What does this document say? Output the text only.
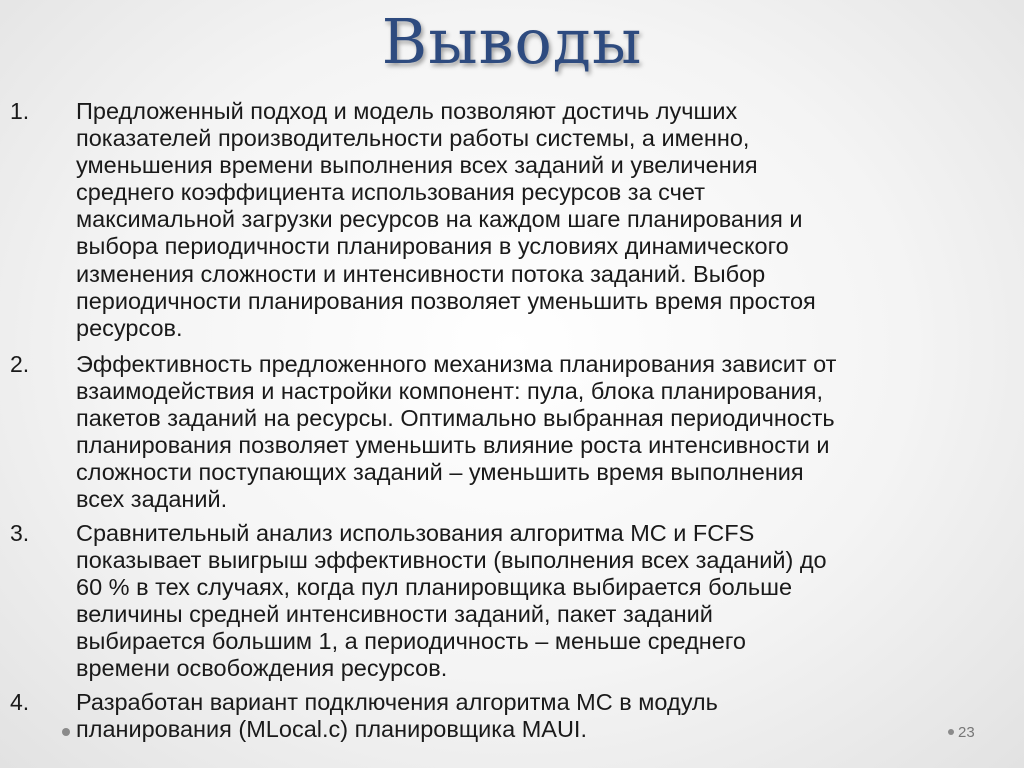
Выводы
1. Предложенный подход и модель позволяют достичь лучших
показателей производительности работы системы, а именно,
уменьшения времени выполнения всех заданий и увеличения
среднего коэффициента использования ресурсов за счет
максимальной загрузки ресурсов на каждом шаге планирования и
выбора периодичности планирования в условиях динамического
изменения сложности и интенсивности потока заданий. Выбор
периодичности планирования позволяет уменьшить время простоя
ресурсов.
2. Эффективность предложенного механизма планирования зависит от
взаимодействия и настройки компонент: пула, блока планирования,
пакетов заданий на ресурсы. Оптимально выбранная периодичность
планирования позволяет уменьшить влияние роста интенсивности и
сложности поступающих заданий – уменьшить время выполнения
всех заданий.
3. Сравнительный анализ использования алгоритма МС и FCFS
показывает выигрыш эффективности (выполнения всех заданий) до
60 % в тех случаях, когда пул планировщика выбирается больше
величины средней интенсивности заданий, пакет заданий
выбирается большим 1, а периодичность – меньше среднего
времени освобождения ресурсов.
4. Разработан вариант подключения алгоритма МС в модуль
планирования (MLocal.c) планировщика MAUI.	23
